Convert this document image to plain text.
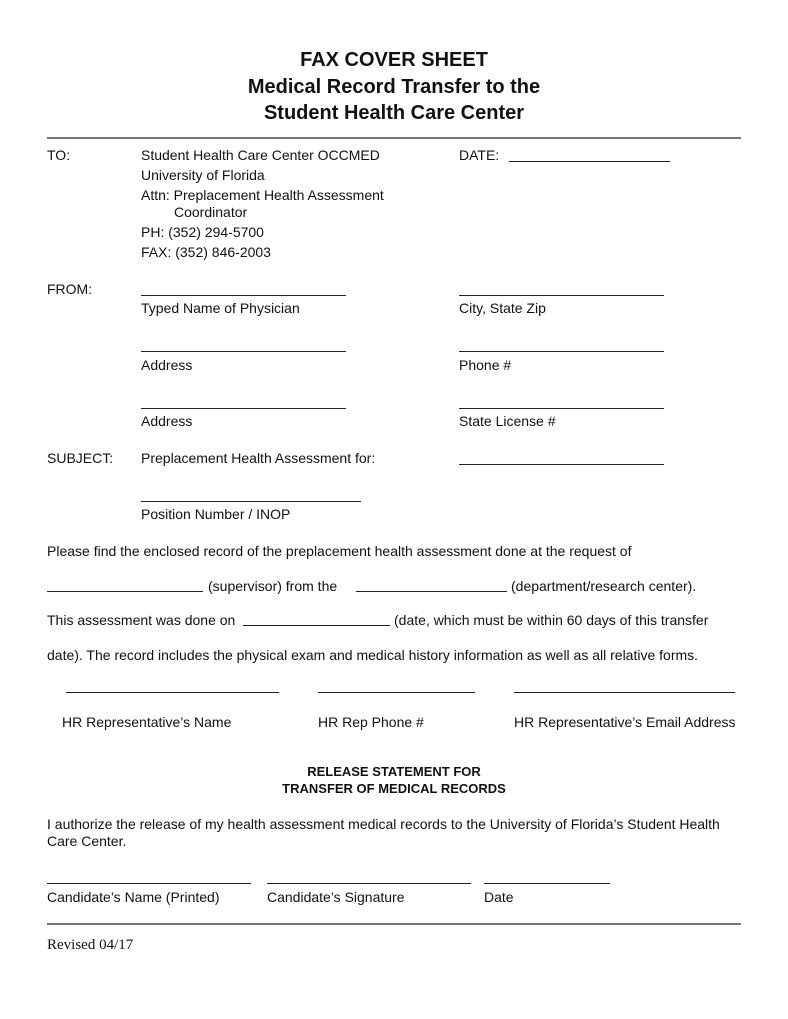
FAX COVER SHEET
Medical Record Transfer to the
Student Health Care Center
TO:	Student Health Care Center OCCMED
University of Florida
Attn: Preplacement Health Assessment
Coordinator
PH: (352) 294-5700
FAX: (352) 846-2003
DATE:
FROM:
Typed Name of Physician	City, State Zip
Address	Phone #
Address	State License #
SUBJECT: Preplacement Health Assessment for:
Position Number / INOP
Please find the enclosed record of the preplacement health assessment done at the request of
(supervisor) from the	(department/research center).
This assessment was done on	(date, which must be within 60 days of this transfer
date). The record includes the physical exam and medical history information as well as all relative forms.
HR Representative’s Name	HR Rep Phone #	HR Representative’s Email Address
RELEASE STATEMENT FOR
TRANSFER OF MEDICAL RECORDS
I authorize the release of my health assessment medical records to the University of Florida’s Student Health
Care Center.
Candidate’s Name (Printed)	Candidate’s Signature	Date
Revised 04/17
